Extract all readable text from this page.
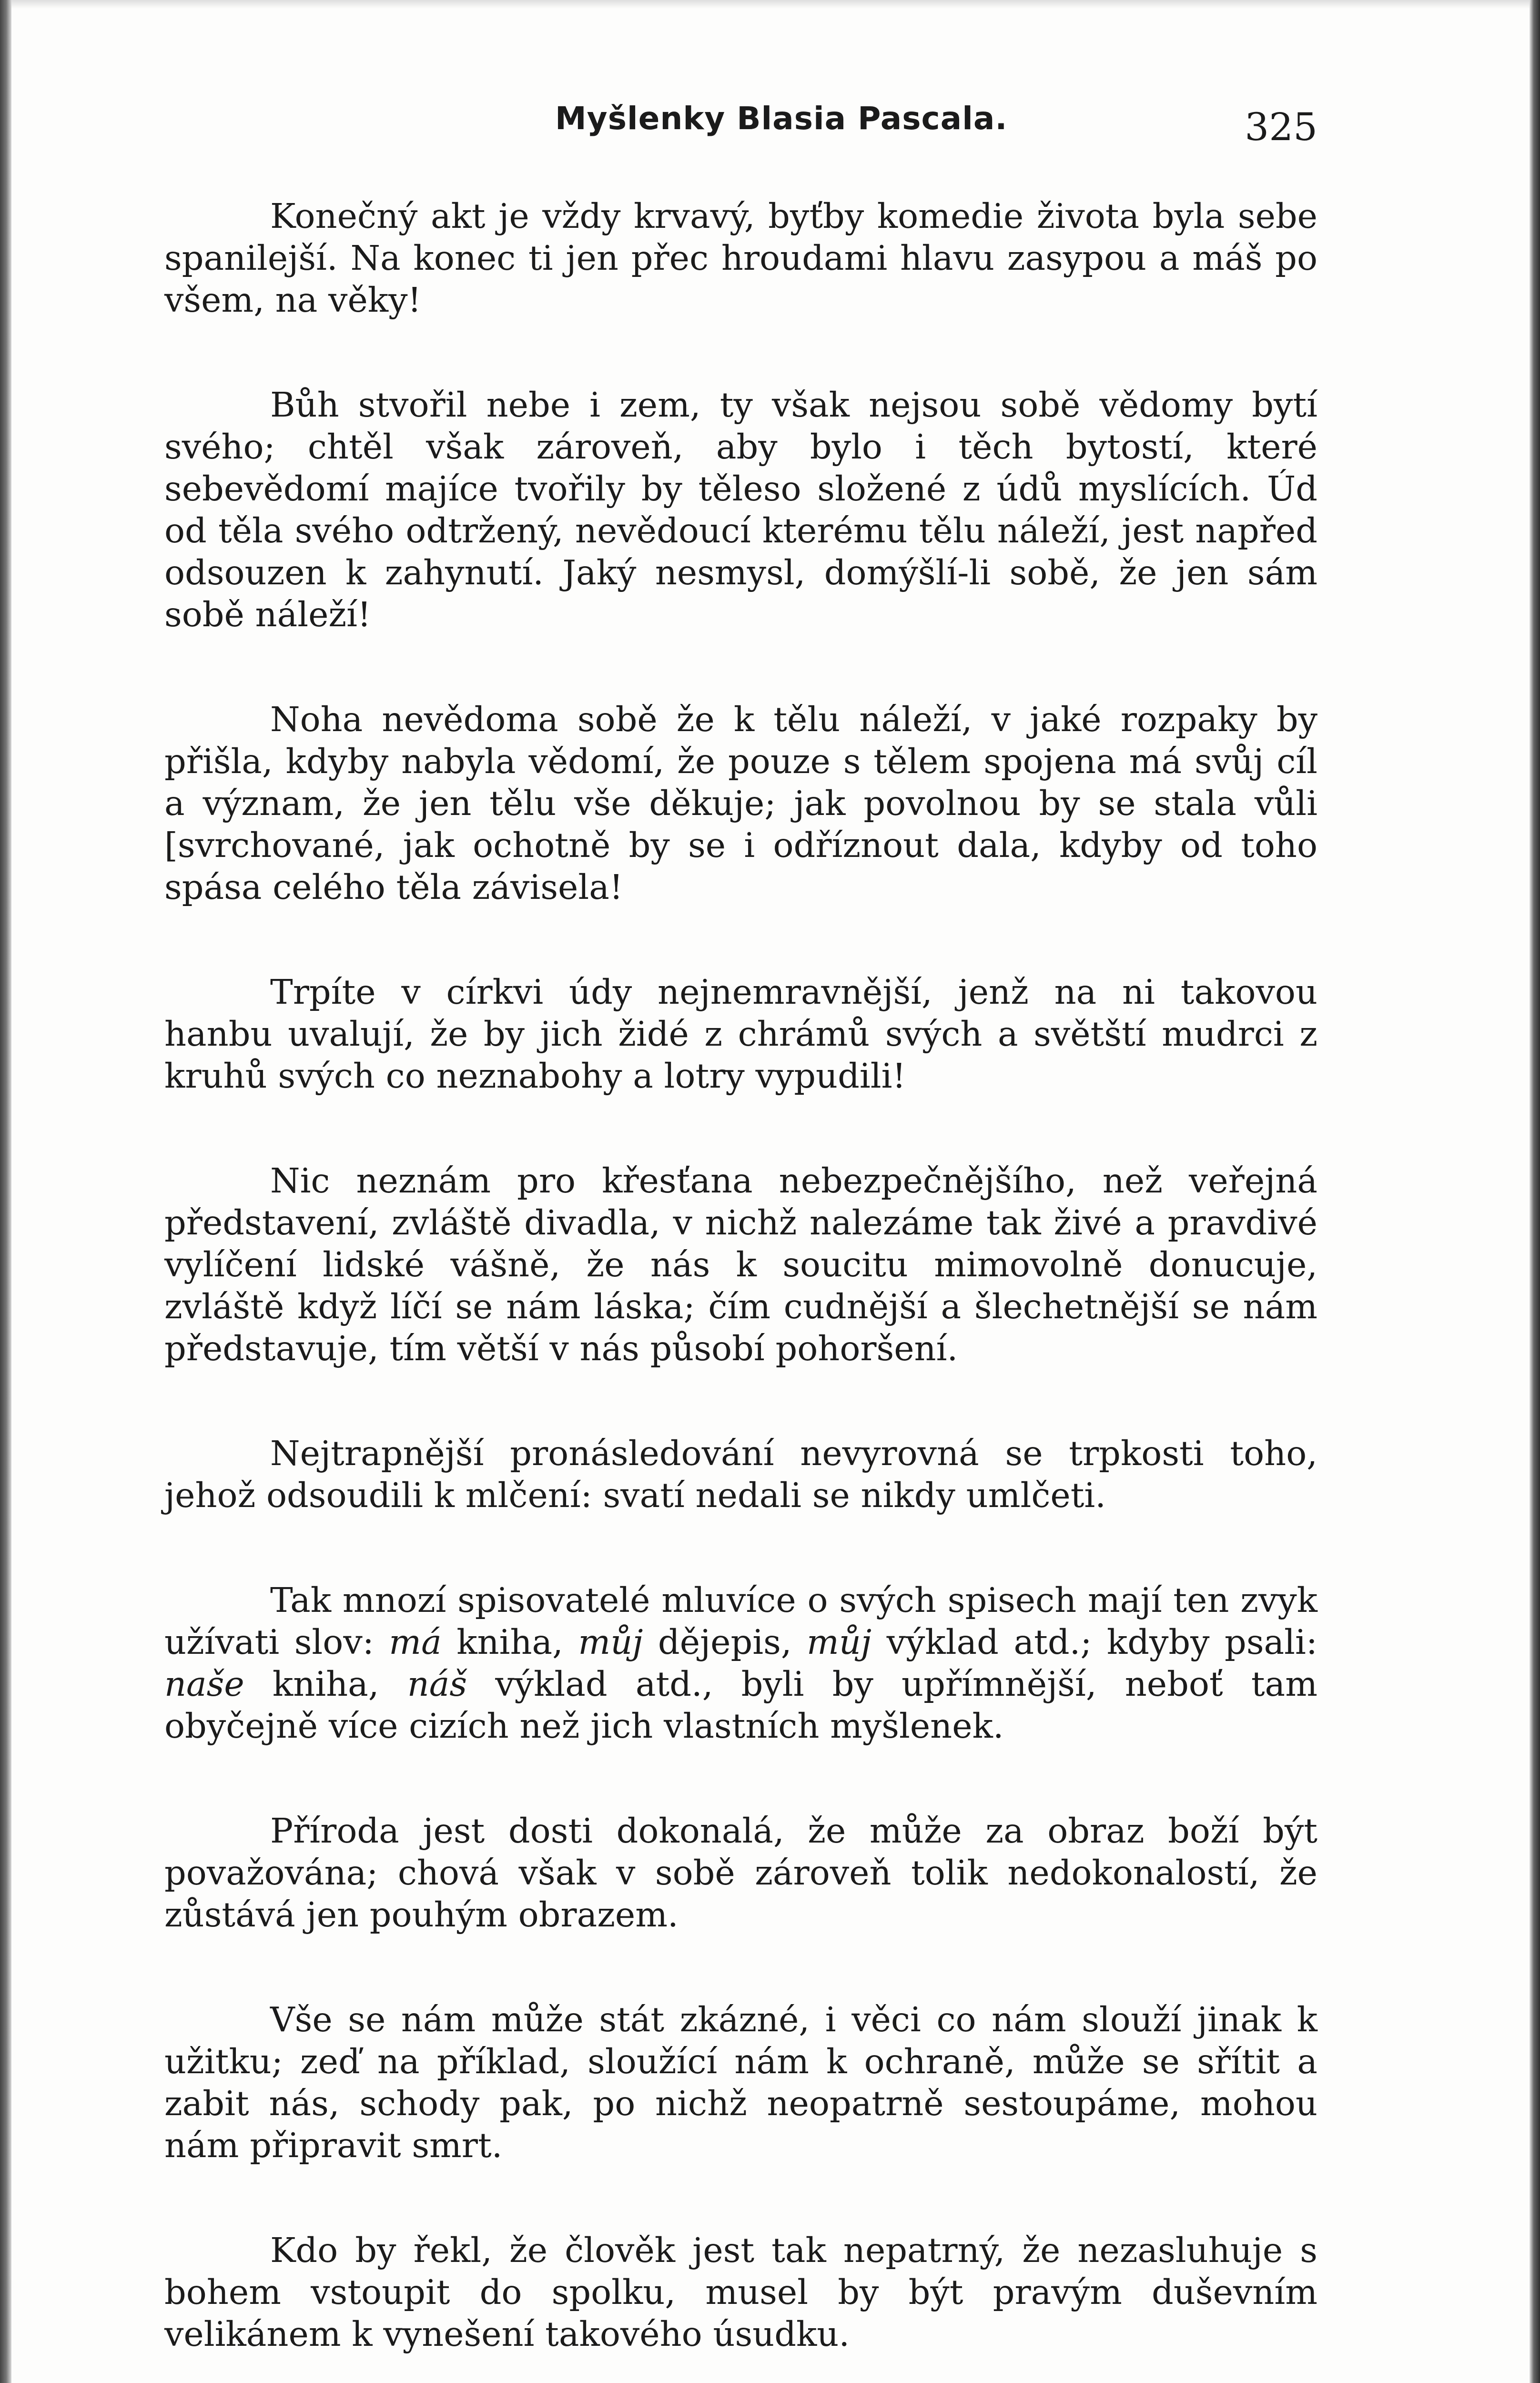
Myšlenky Blasia Pascala.	325

Konečný akt je vždy krvavý, byťby komedie života byla sebe spanilejší. Na konec ti jen přec hroudami hlavu zasypou a máš po všem, na věky!

Bůh stvořil nebe i zem, ty však nejsou sobě vědomy bytí svého; chtěl však zároveň, aby bylo i těch bytostí, které sebevědomí majíce tvořily by těleso složené z údů myslících. Úd od těla svého odtržený, nevědoucí kterému tělu náleží, jest napřed odsouzen k zahynutí. Jaký nesmysl, domýšlí-li sobě, že jen sám sobě náleží!

Noha nevědoma sobě že k tělu náleží, v jaké rozpaky by přišla, kdyby nabyla vědomí, že pouze s tělem spojena má svůj cíl a význam, že jen tělu vše děkuje; jak povolnou by se stala vůli [svrchované, jak ochotně by se i odříznout dala, kdyby od toho spása celého těla závisela!

Trpíte v církvi údy nejnemravnější, jenž na ni takovou hanbu uvalují, že by jich židé z chrámů svých a světští mudrci z kruhů svých co neznabohy a lotry vypudili!

Nic neznám pro křesťana nebezpečnějšího, než veřejná představení, zvláště divadla, v nichž nalezáme tak živé a pravdivé vylíčení lidské vášně, že nás k soucitu mimovolně donucuje, zvláště když líčí se nám láska; čím cudnější a šlechetnější se nám představuje, tím větší v nás působí pohoršení.

Nejtrapnější pronásledování nevyrovná se trpkosti toho, jehož odsoudili k mlčení: svatí nedali se nikdy umlčeti.

Tak mnozí spisovatelé mluvíce o svých spisech mají ten zvyk užívati slov: má kniha, můj dějepis, můj výklad atd.; kdyby psali: naše kniha, náš výklad atd., byli by upřímnější, neboť tam obyčejně více cizích než jich vlastních myšlenek.

Příroda jest dosti dokonalá, že může za obraz boží být považována; chová však v sobě zároveň tolik nedokonalostí, že zůstává jen pouhým obrazem.

Vše se nám může stát zkázné, i věci co nám slouží jinak k užitku; zeď na příklad, sloužící nám k ochraně, může se sřítit a zabit nás, schody pak, po nichž neopatrně sestoupáme, mohou nám připravit smrt.

Kdo by řekl, že člověk jest tak nepatrný, že nezasluhuje s bohem vstoupit do spolku, musel by být pravým duševním velikánem k vynešení takového úsudku.
